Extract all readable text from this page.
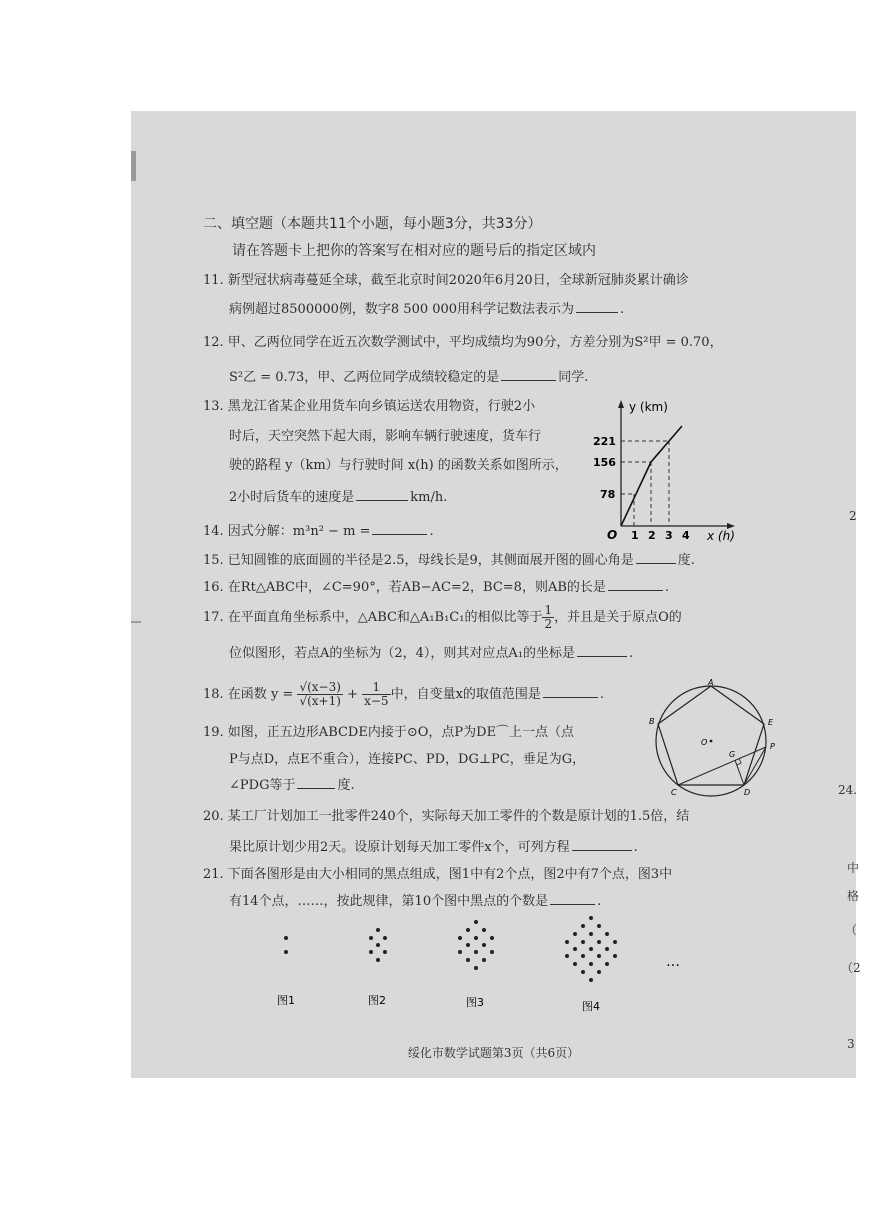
二、填空题（本题共11个小题，每小题3分，共33分）
请在答题卡上把你的答案写在相对应的题号后的指定区域内
11. 新型冠状病毒蔓延全球，截至北京时间2020年6月20日，全球新冠肺炎累计确诊
病例超过8500000例，数字8 500 000用科学记数法表示为	.
12. 甲、乙两位同学在近五次数学测试中，平均成绩均为90分，方差分别为S²甲 = 0.70，
S²乙 = 0.73，甲、乙两位同学成绩较稳定的是	同学.
13. 黑龙江省某企业用货车向乡镇运送农用物资，行驶2小
时后，天空突然下起大雨，影响车辆行驶速度，货车行
驶的路程 y（km）与行驶时间 x(h) 的函数关系如图所示，
2小时后货车的速度是	km/h.
y (km)
x (h)
O
221
156
78
1 2 3 4
14. 因式分解：m³n² − m =	.
15. 已知圆锥的底面圆的半径是2.5，母线长是9，其侧面展开图的圆心角是	度.
16. 在Rt△ABC中，∠C=90°，若AB−AC=2，BC=8，则AB的长是	.
17. 在平面直角坐标系中，△ABC和△A₁B₁C₁的相似比等于 $\frac{1}{2}$ ，并且是关于原点O的
位似图形，若点A的坐标为（2，4），则其对应点A₁的坐标是	.
18. 在函数 $y = \frac{√(x-3)}{√(x+1)} + \frac{1}{x-5}$ 中，自变量x的取值范围是	.
19. 如图，正五边形ABCDE内接于⊙O，点P为DE⌒上一点（点
P与点D，点E不重合），连接PC、PD，DG⊥PC，垂足为G，
∠PDG等于	度.
A
B	E
P
O
G
C	D
20. 某工厂计划加工一批零件240个，实际每天加工零件的个数是原计划的1.5倍，结
果比原计划少用2天。设原计划每天加工零件x个，可列方程	.
21. 下面各图形是由大小相同的黑点组成，图1中有2个点，图2中有7个点，图3中
有14个点，……，按此规律，第10个图中黑点的个数是	.
…
图1	图2	图3	图4
绥化市数学试题第3页（共6页）
2
24.
中
格
（
（2
3
